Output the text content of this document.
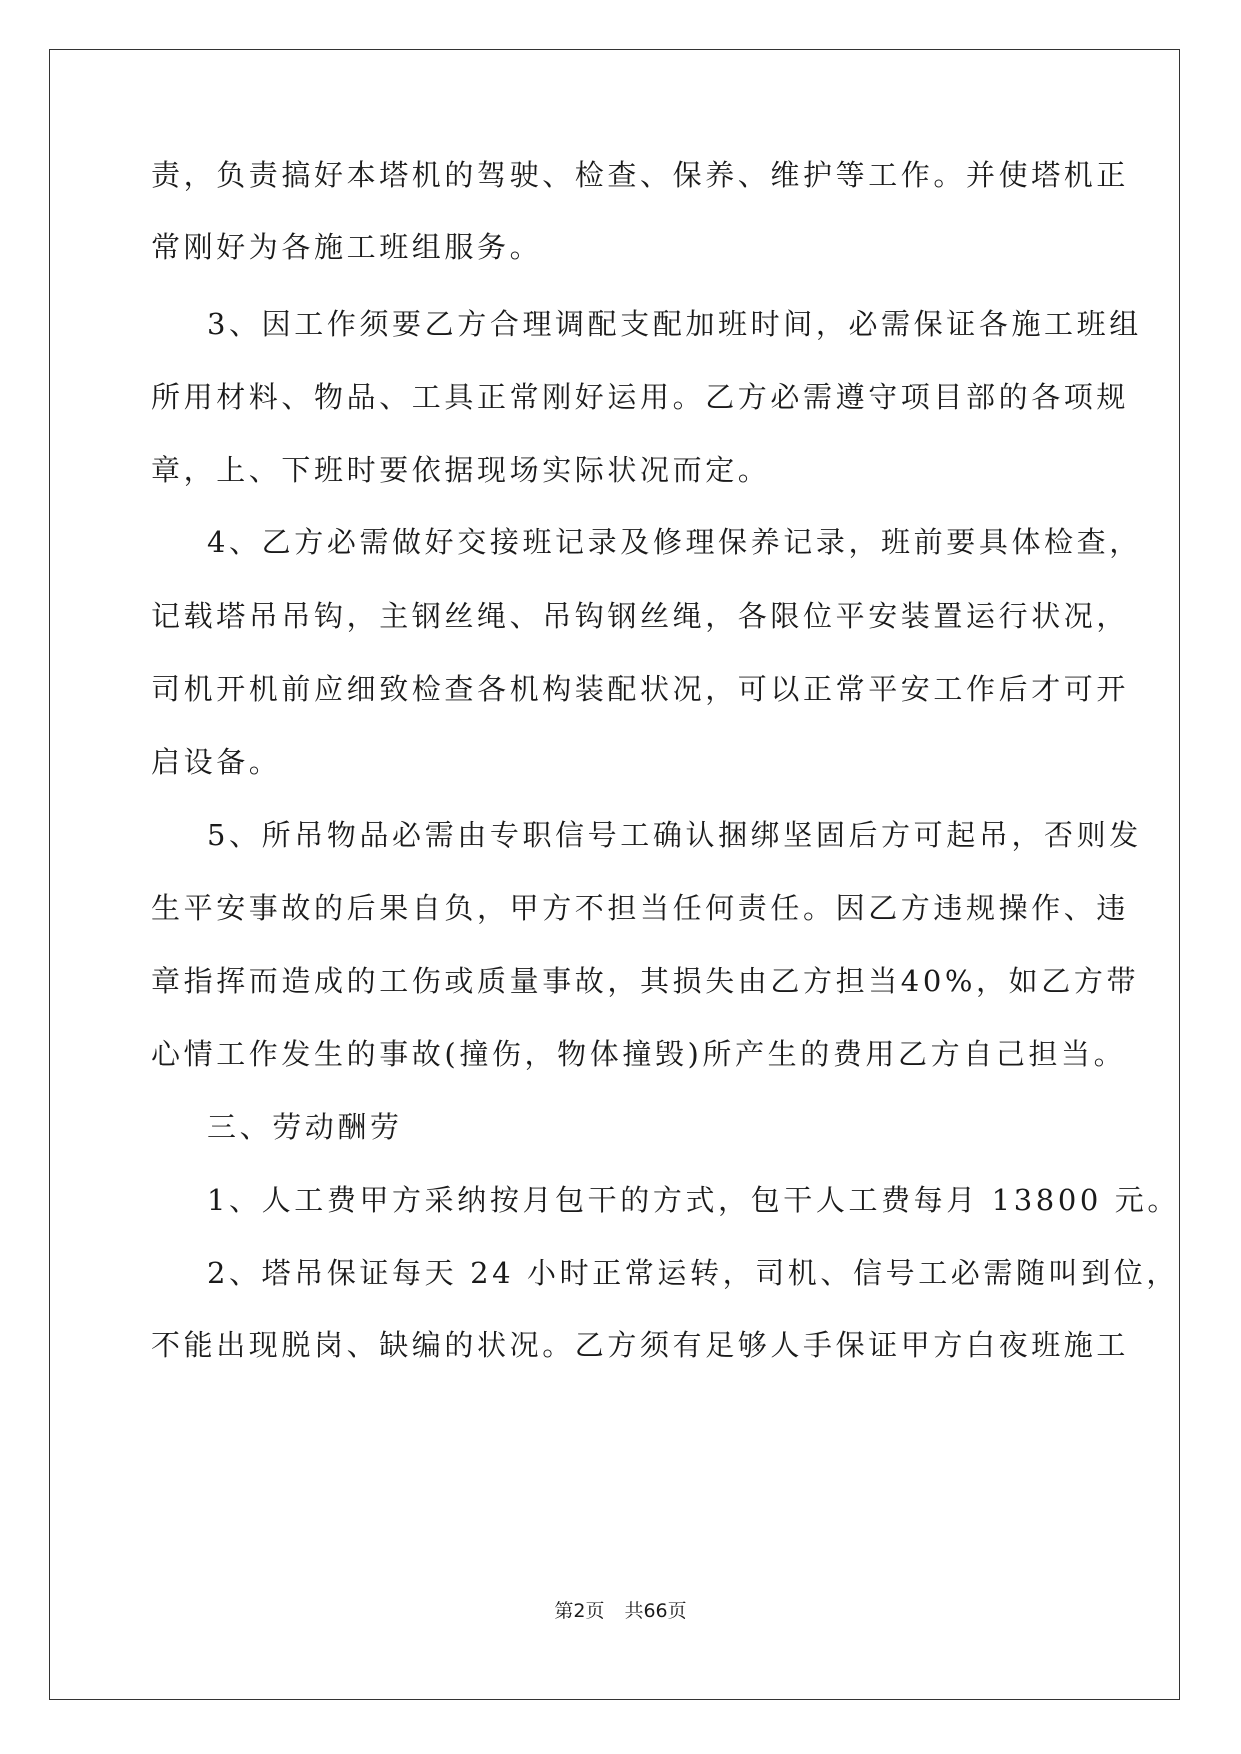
责，负责搞好本塔机的驾驶、检查、保养、维护等工作。并使塔机正
常刚好为各施工班组服务。
3、因工作须要乙方合理调配支配加班时间，必需保证各施工班组
所用材料、物品、工具正常刚好运用。乙方必需遵守项目部的各项规
章，上、下班时要依据现场实际状况而定。
4、乙方必需做好交接班记录及修理保养记录，班前要具体检查，
记载塔吊吊钩，主钢丝绳、吊钩钢丝绳，各限位平安装置运行状况，
司机开机前应细致检查各机构装配状况，可以正常平安工作后才可开
启设备。
5、所吊物品必需由专职信号工确认捆绑坚固后方可起吊，否则发
生平安事故的后果自负，甲方不担当任何责任。因乙方违规操作、违
章指挥而造成的工伤或质量事故，其损失由乙方担当40%，如乙方带
心情工作发生的事故(撞伤，物体撞毁)所产生的费用乙方自己担当。
三、劳动酬劳
1、人工费甲方采纳按月包干的方式，包干人工费每月 13800 元。
2、塔吊保证每天 24 小时正常运转，司机、信号工必需随叫到位，
不能出现脱岗、缺编的状况。乙方须有足够人手保证甲方白夜班施工
第2页 共66页
